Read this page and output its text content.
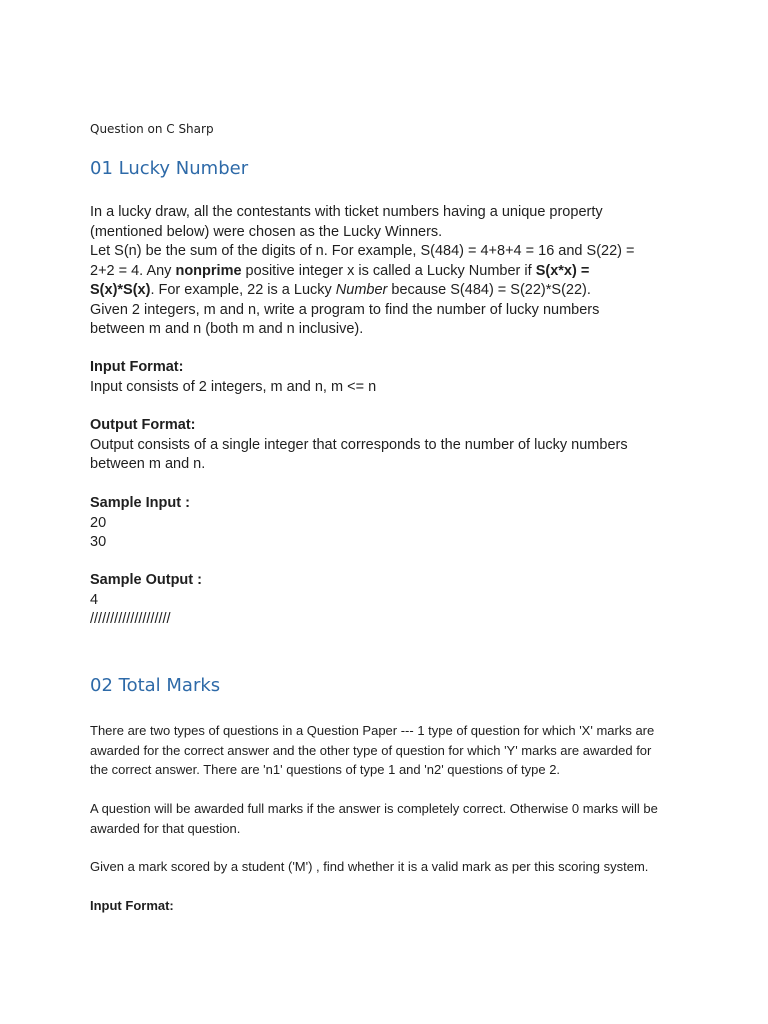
Question on C Sharp
01 Lucky Number

In a lucky draw, all the contestants with ticket numbers having a unique property

(mentioned below) were chosen as the Lucky Winners.

Let S(n) be the sum of the digits of n. For example, S(484) = 4+8+4 = 16 and S(22) =

2+2 = 4. Any nonprime positive integer x is called a Lucky Number if S(x*x) =

S(x)*S(x). For example, 22 is a Lucky Number because S(484) = S(22)*S(22).

Given 2 integers, m and n, write a program to find the number of lucky numbers

between m and n (both m and n inclusive).

Input Format:

Input consists of 2 integers, m and n, m <= n

Output Format:

Output consists of a single integer that corresponds to the number of lucky numbers

between m and n.

Sample Input :

20

30

Sample Output :

4

////////////////////

02 Total Marks

There are two types of questions in a Question Paper --- 1 type of question for which 'X' marks are

awarded for the correct answer and the other type of question for which 'Y' marks are awarded for

the correct answer. There are 'n1' questions of type 1 and 'n2' questions of type 2.

A question will be awarded full marks if the answer is completely correct. Otherwise 0 marks will be

awarded for that question.

Given a mark scored by a student ('M') , find whether it is a valid mark as per this scoring system.

Input Format:
